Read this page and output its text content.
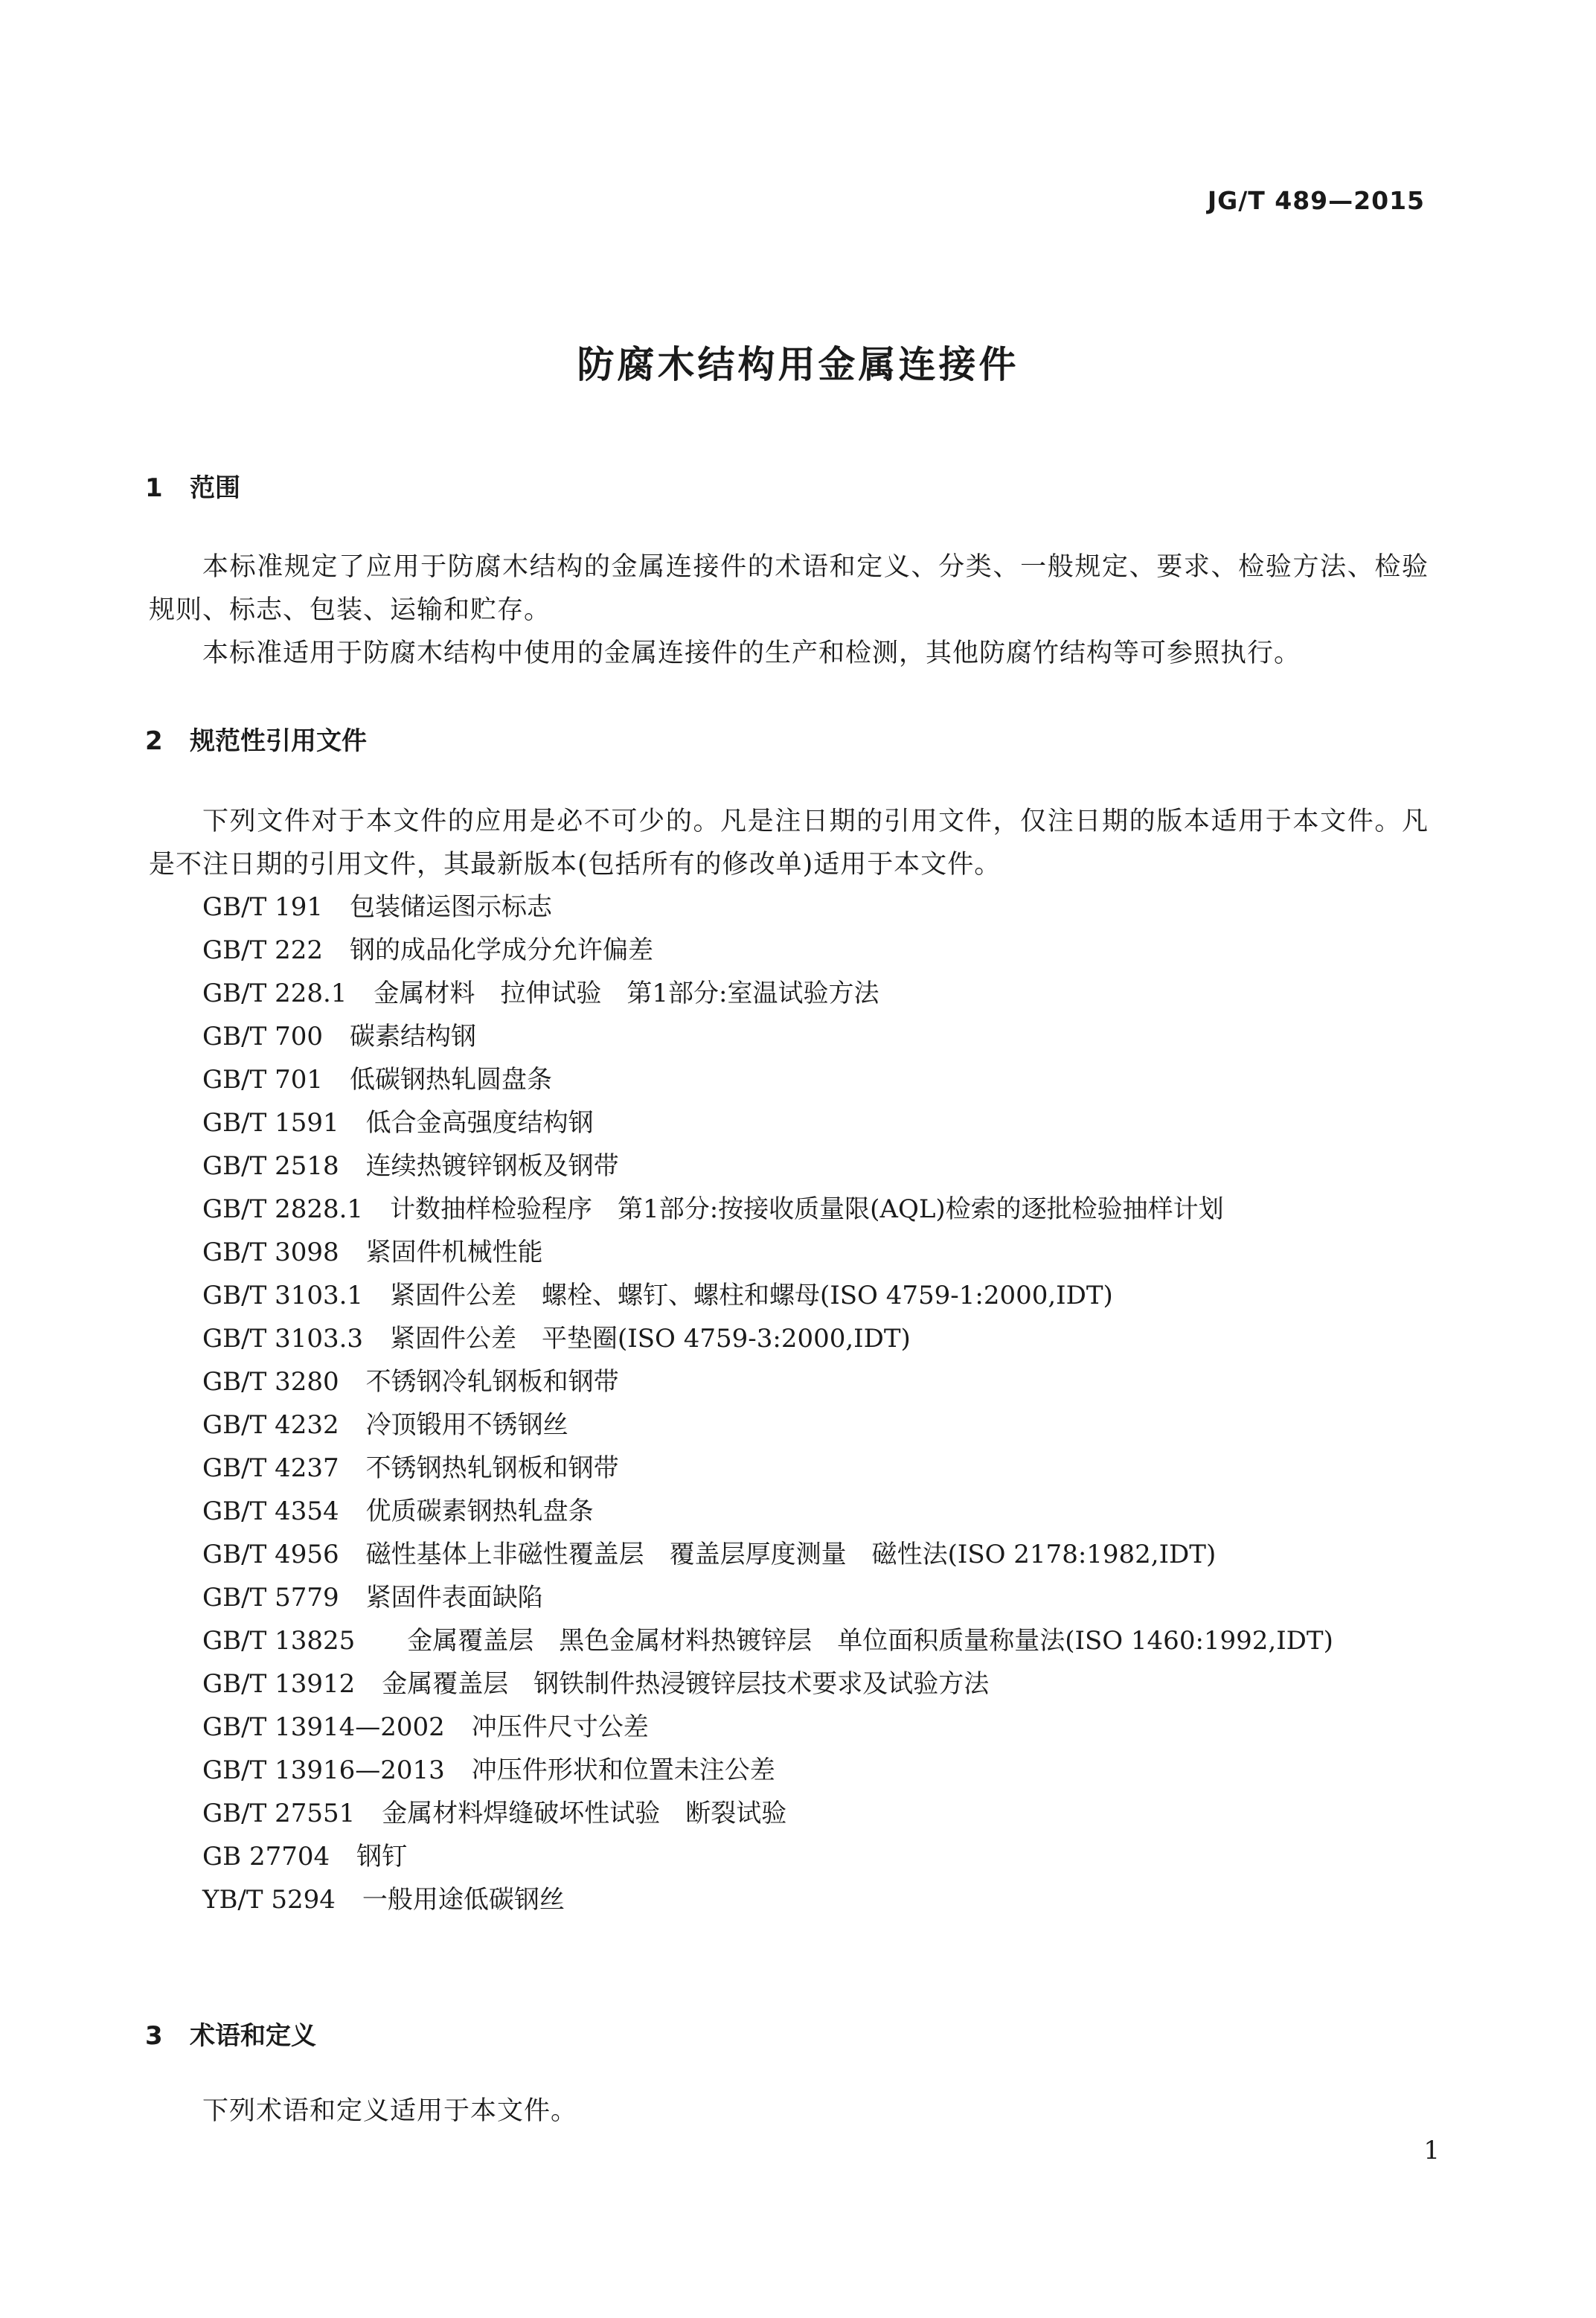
JG/T 489—2015
防腐木结构用金属连接件
1 范围
本标准规定了应用于防腐木结构的金属连接件的术语和定义、分类、一般规定、要求、检验方法、检验规则、标志、包装、运输和贮存。
本标准适用于防腐木结构中使用的金属连接件的生产和检测，其他防腐竹结构等可参照执行。
2 规范性引用文件
下列文件对于本文件的应用是必不可少的。凡是注日期的引用文件，仅注日期的版本适用于本文件。凡是不注日期的引用文件，其最新版本(包括所有的修改单)适用于本文件。
GB/T 191 包装储运图示标志
GB/T 222 钢的成品化学成分允许偏差
GB/T 228.1 金属材料　拉伸试验　第1部分:室温试验方法
GB/T 700 碳素结构钢
GB/T 701 低碳钢热轧圆盘条
GB/T 1591 低合金高强度结构钢
GB/T 2518 连续热镀锌钢板及钢带
GB/T 2828.1 计数抽样检验程序　第1部分:按接收质量限(AQL)检索的逐批检验抽样计划
GB/T 3098 紧固件机械性能
GB/T 3103.1 紧固件公差　螺栓、螺钉、螺柱和螺母(ISO 4759-1:2000,IDT)
GB/T 3103.3 紧固件公差　平垫圈(ISO 4759-3:2000,IDT)
GB/T 3280 不锈钢冷轧钢板和钢带
GB/T 4232 冷顶锻用不锈钢丝
GB/T 4237 不锈钢热轧钢板和钢带
GB/T 4354 优质碳素钢热轧盘条
GB/T 4956 磁性基体上非磁性覆盖层　覆盖层厚度测量　磁性法(ISO 2178:1982,IDT)
GB/T 5779 紧固件表面缺陷
GB/T 13825　 金属覆盖层　黑色金属材料热镀锌层　单位面积质量称量法(ISO 1460:1992,IDT)
GB/T 13912 金属覆盖层　钢铁制件热浸镀锌层技术要求及试验方法
GB/T 13914—2002 冲压件尺寸公差
GB/T 13916—2013 冲压件形状和位置未注公差
GB/T 27551 金属材料焊缝破坏性试验　断裂试验
GB 27704 钢钉
YB/T 5294 一般用途低碳钢丝
3 术语和定义
下列术语和定义适用于本文件。
1
